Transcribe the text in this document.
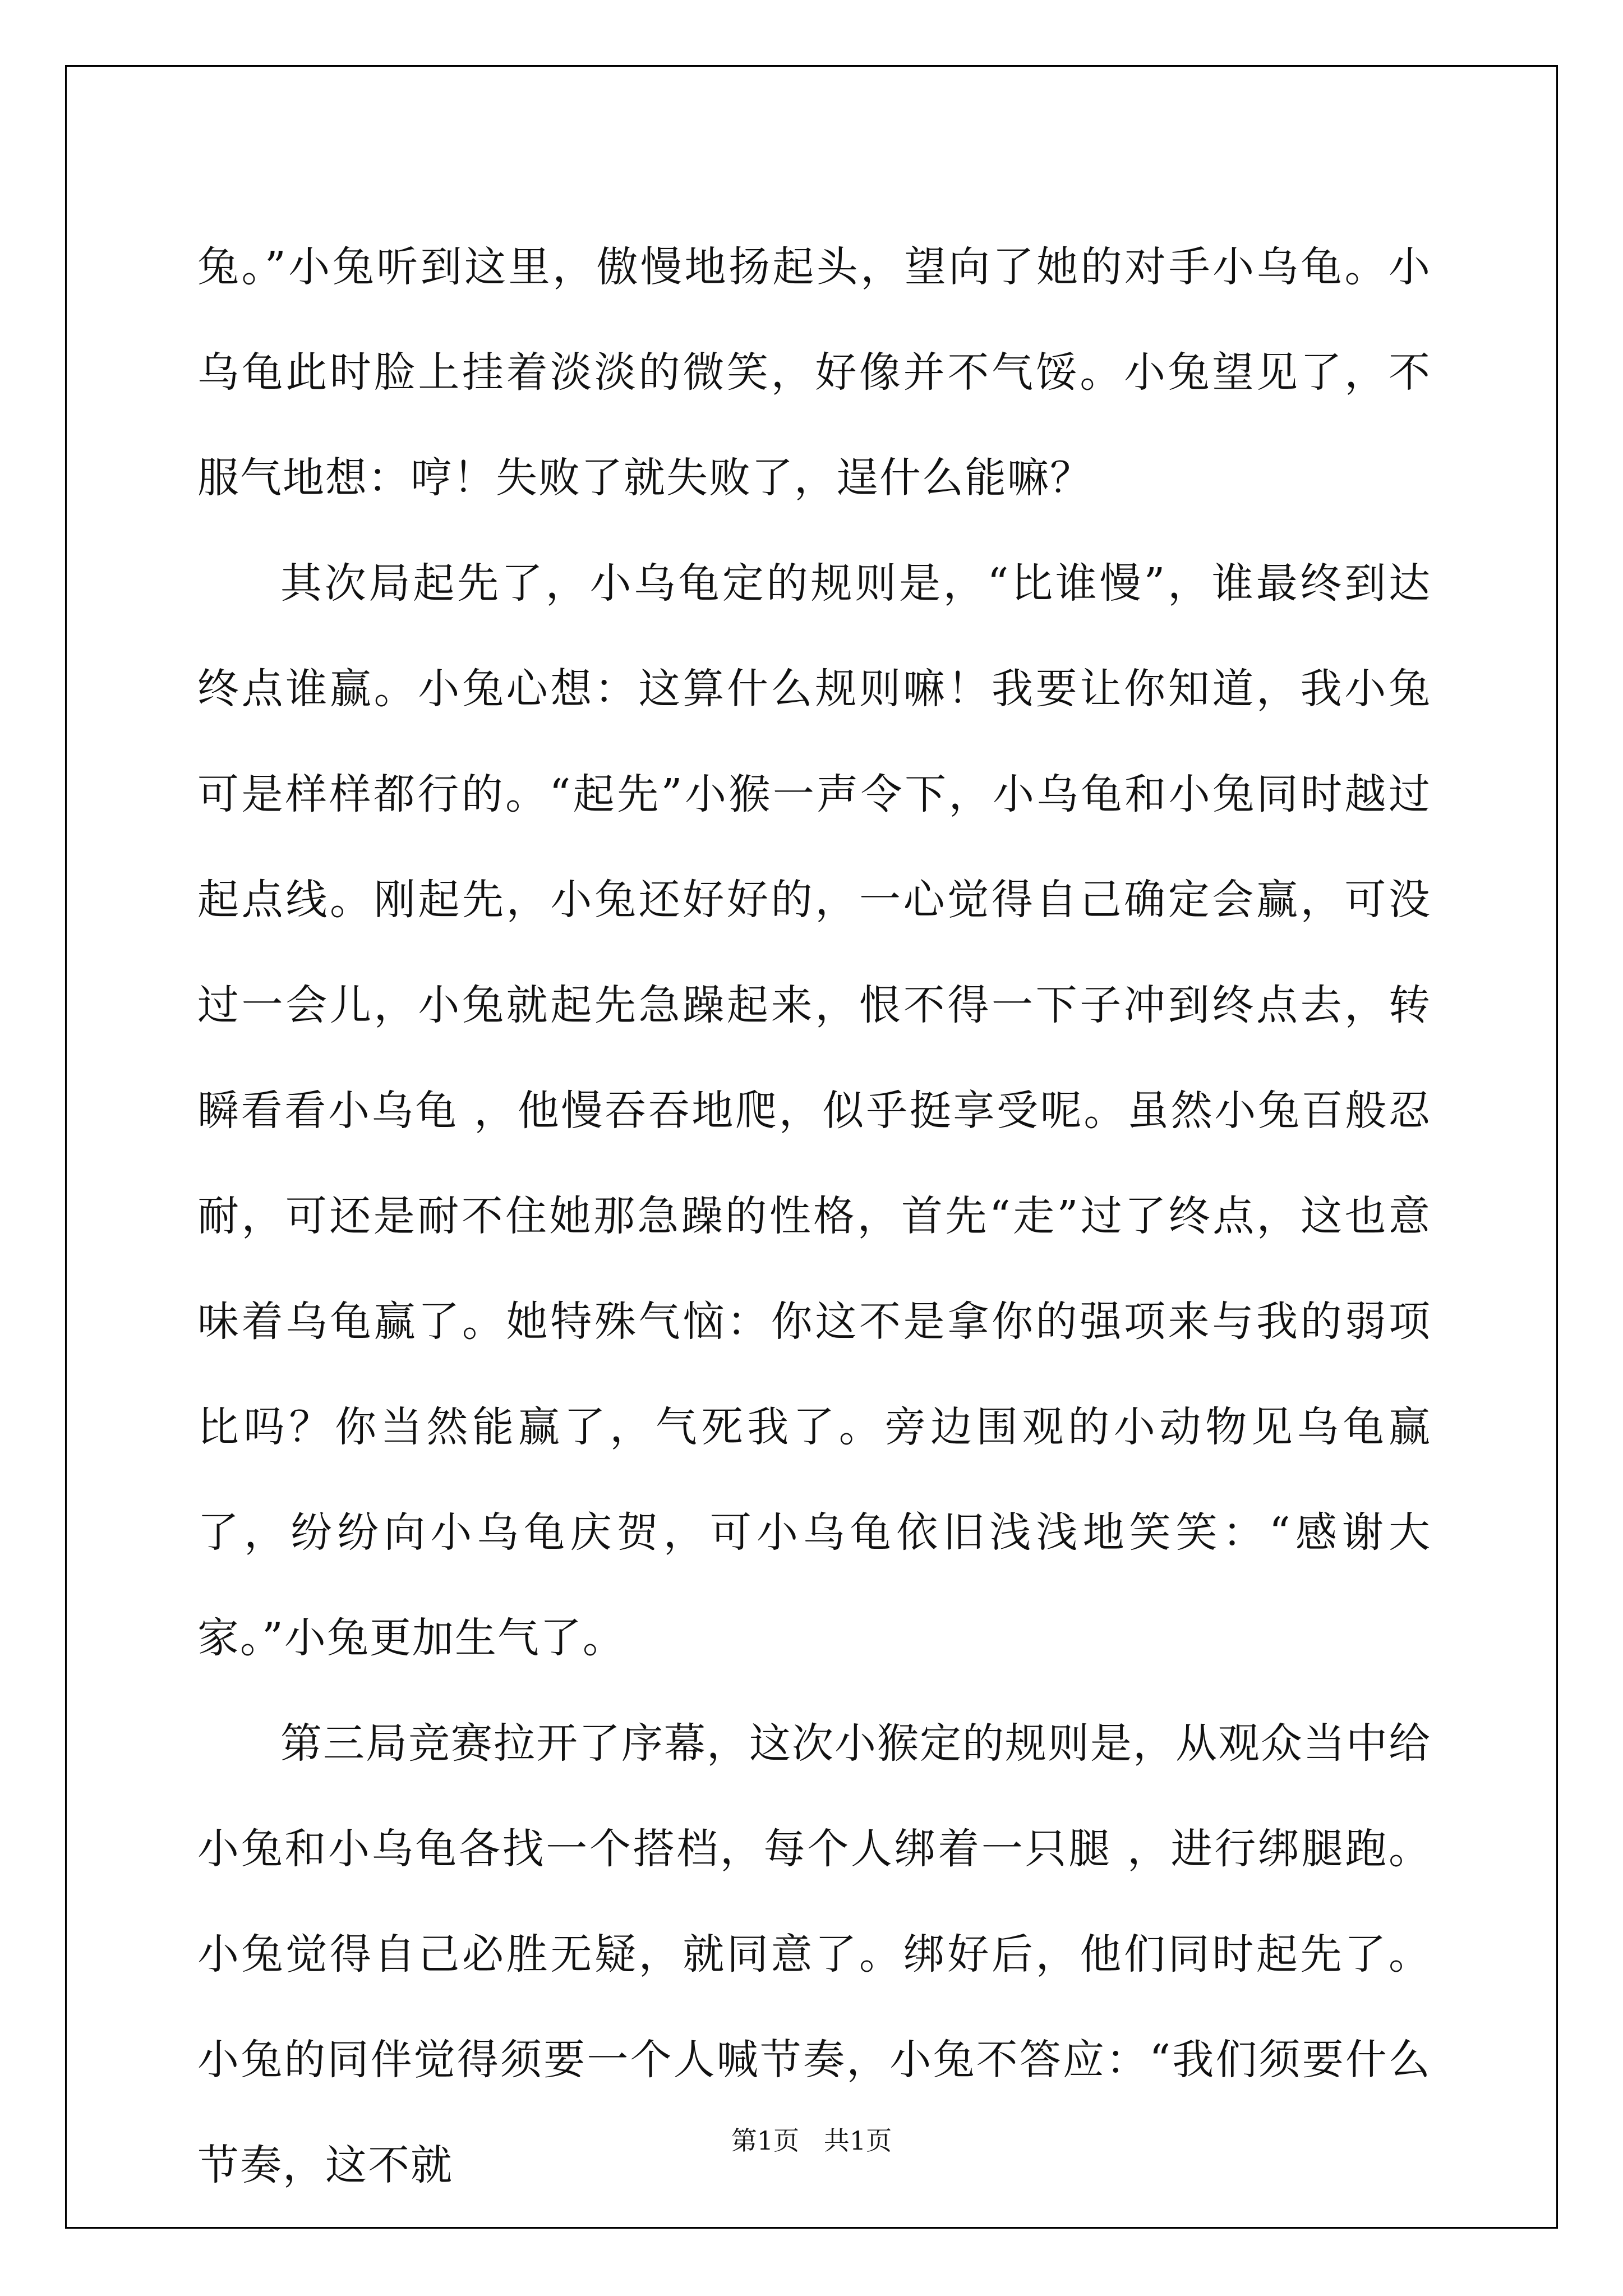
兔。”小兔听到这里，傲慢地扬起头，望向了她的对手小乌龟。小乌龟此时脸上挂着淡淡的微笑，好像并不气馁。小兔望见了，不服气地想：哼！失败了就失败了，逞什么能嘛？

其次局起先了，小乌龟定的规则是，“比谁慢”，谁最终到达终点谁赢。小兔心想：这算什么规则嘛！我要让你知道，我小兔可是样样都行的。“起先”小猴一声令下，小乌龟和小兔同时越过起点线。刚起先，小兔还好好的，一心觉得自己确定会赢，可没过一会儿，小兔就起先急躁起来，恨不得一下子冲到终点去，转瞬看看小乌龟 ，他慢吞吞地爬，似乎挺享受呢。虽然小兔百般忍耐，可还是耐不住她那急躁的性格，首先“走”过了终点，这也意味着乌龟赢了。她特殊气恼：你这不是拿你的强项来与我的弱项比吗？你当然能赢了，气死我了。旁边围观的小动物见乌龟赢了，纷纷向小乌龟庆贺，可小乌龟依旧浅浅地笑笑：“感谢大家。”小兔更加生气了。

第三局竞赛拉开了序幕，这次小猴定的规则是，从观众当中给小兔和小乌龟各找一个搭档，每个人绑着一只腿 ，进行绑腿跑。小兔觉得自己必胜无疑，就同意了。绑好后，他们同时起先了。小兔的同伴觉得须要一个人喊节奏，小兔不答应：“我们须要什么节奏，这不就

第1页   共1页
